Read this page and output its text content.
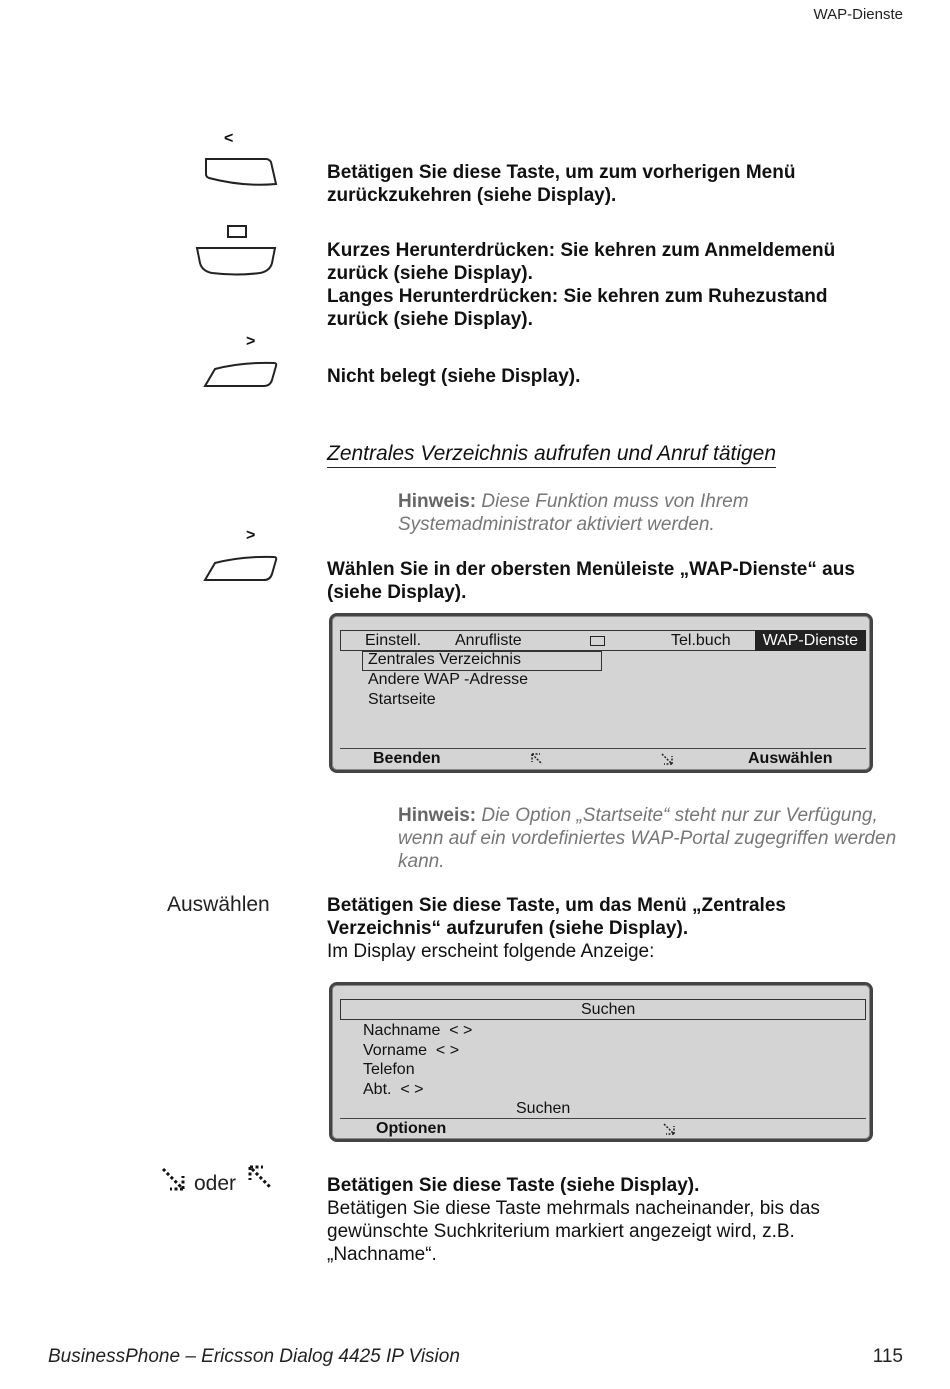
WAP-Dienste
<
Betätigen Sie diese Taste, um zum vorherigen Menü zurückzukehren (siehe Display).
Kurzes Herunterdrücken: Sie kehren zum Anmeldemenü zurück (siehe Display).
Langes Herunterdrücken: Sie kehren zum Ruhezustand zurück (siehe Display).
>
Nicht belegt (siehe Display).
Zentrales Verzeichnis aufrufen und Anruf tätigen
Hinweis: Diese Funktion muss von Ihrem Systemadministrator aktiviert werden.
>
Wählen Sie in der obersten Menüleiste „WAP-Dienste“ aus (siehe Display).
Einstell. Anrufliste	Tel.buch	WAP-Dienste
Zentrales Verzeichnis
Andere WAP -Adresse
Startseite
Beenden	Auswählen
Hinweis: Die Option „Startseite“ steht nur zur Verfügung, wenn auf ein vordefiniertes WAP-Portal zugegriffen werden kann.
Auswählen	Betätigen Sie diese Taste, um das Menü „Zentrales Verzeichnis“ aufzurufen (siehe Display).
Im Display erscheint folgende Anzeige:
Suchen
Nachname  < >
Vorname  < >
Telefon
Abt.  < >
Suchen
Optionen
oder	Betätigen Sie diese Taste (siehe Display).
Betätigen Sie diese Taste mehrmals nacheinander, bis das gewünschte Suchkriterium markiert angezeigt wird, z.B. „Nachname“.
BusinessPhone – Ericsson Dialog 4425 IP Vision	115
